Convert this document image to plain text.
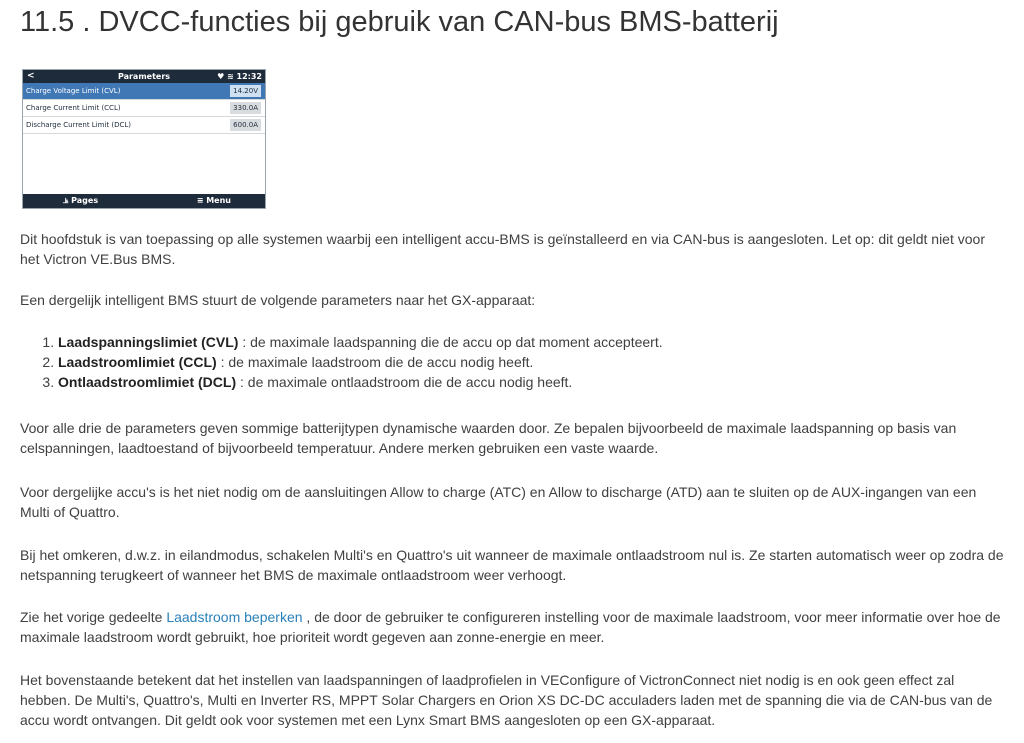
11.5 . DVCC-functies bij gebruik van CAN-bus BMS-batterij
<	Parameters	♥ ≋ 12:32
Charge Voltage Limit (CVL)	14.20V
Charge Current Limit (CCL)	330.0A
Discharge Current Limit (DCL)	600.0A
⫡ Pages	≡ Menu

Dit hoofdstuk is van toepassing op alle systemen waarbij een intelligent accu-BMS is geïnstalleerd en via CAN-bus is aangesloten. Let op: dit geldt niet voor het Victron VE.Bus BMS.

Een dergelijk intelligent BMS stuurt de volgende parameters naar het GX-apparaat:

1. Laadspanningslimiet (CVL) : de maximale laadspanning die de accu op dat moment accepteert.
2. Laadstroomlimiet (CCL) : de maximale laadstroom die de accu nodig heeft.
3. Ontlaadstroomlimiet (DCL) : de maximale ontlaadstroom die de accu nodig heeft.

Voor alle drie de parameters geven sommige batterijtypen dynamische waarden door. Ze bepalen bijvoorbeeld de maximale laadspanning op basis van celspanningen, laadtoestand of bijvoorbeeld temperatuur. Andere merken gebruiken een vaste waarde.

Voor dergelijke accu's is het niet nodig om de aansluitingen Allow to charge (ATC) en Allow to discharge (ATD) aan te sluiten op de AUX-ingangen van een Multi of Quattro.

Bij het omkeren, d.w.z. in eilandmodus, schakelen Multi's en Quattro's uit wanneer de maximale ontlaadstroom nul is. Ze starten automatisch weer op zodra de netspanning terugkeert of wanneer het BMS de maximale ontlaadstroom weer verhoogt.

Zie het vorige gedeelte Laadstroom beperken , de door de gebruiker te configureren instelling voor de maximale laadstroom, voor meer informatie over hoe de maximale laadstroom wordt gebruikt, hoe prioriteit wordt gegeven aan zonne-energie en meer.

Het bovenstaande betekent dat het instellen van laadspanningen of laadprofielen in VEConfigure of VictronConnect niet nodig is en ook geen effect zal hebben. De Multi's, Quattro's, Multi en Inverter RS, MPPT Solar Chargers en Orion XS DC-DC acculaders laden met de spanning die via de CAN-bus van de accu wordt ontvangen. Dit geldt ook voor systemen met een Lynx Smart BMS aangesloten op een GX-apparaat.
